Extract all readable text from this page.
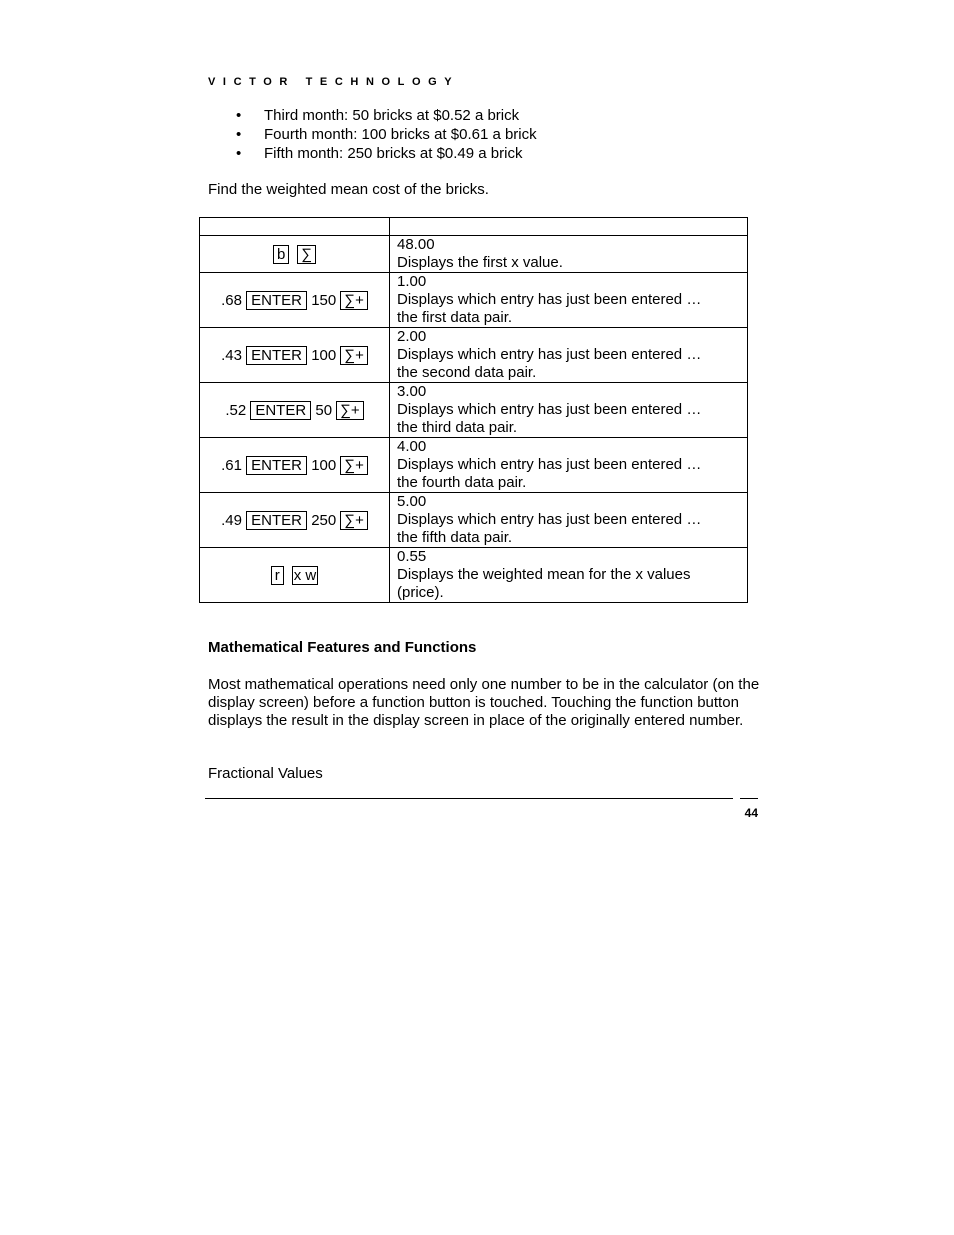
VICTOR TECHNOLOGY
• Third month: 50 bricks at $0.52 a brick
• Fourth month: 100 bricks at $0.61 a brick
• Fifth month: 250 bricks at $0.49 a brick
Find the weighted mean cost of the bricks.

b ∑	48.00
Displays the first x value.

.68 ENTER 150 ∑+	1.00
Displays which entry has just been entered …
the first data pair.

.43 ENTER 100 ∑+	2.00
Displays which entry has just been entered …
the second data pair.

.52 ENTER 50 ∑+	3.00
Displays which entry has just been entered …
the third data pair.

.61 ENTER 100 ∑+	4.00
Displays which entry has just been entered …
the fourth data pair.

.49 ENTER 250 ∑+	5.00
Displays which entry has just been entered …
the fifth data pair.

r x w	0.55
Displays the weighted mean for the x values
(price).
Mathematical Features and Functions

Most mathematical operations need only one number to be in the calculator (on the display screen) before a function button is touched. Touching the function button displays the result in the display screen in place of the originally entered number.

Fractional Values
44
